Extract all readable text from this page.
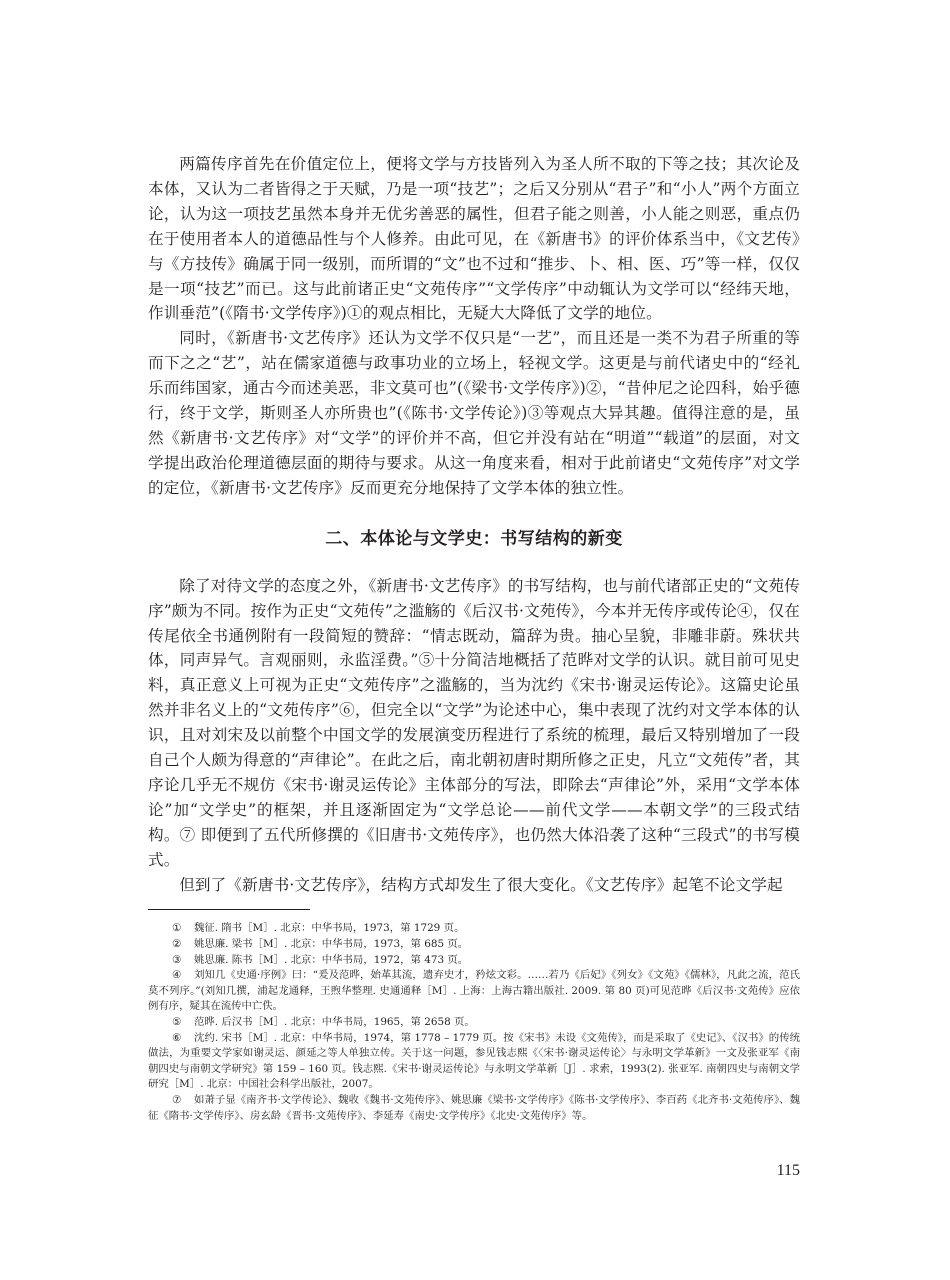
两篇传序首先在价值定位上，便将文学与方技皆列入为圣人所不取的下等之技；其次论及本体，又认为二者皆得之于天赋，乃是一项“技艺”；之后又分别从“君子”和“小人”两个方面立论，认为这一项技艺虽然本身并无优劣善恶的属性，但君子能之则善，小人能之则恶，重点仍在于使用者本人的道德品性与个人修养。由此可见，在《新唐书》的评价体系当中，《文艺传》与《方技传》确属于同一级别，而所谓的“文”也不过和“推步、卜、相、医、巧”等一样，仅仅是一项“技艺”而已。这与此前诸正史“文苑传序”“文学传序”中动辄认为文学可以“经纬天地，作训垂范”(《隋书·文学传序》)①的观点相比，无疑大大降低了文学的地位。

同时，《新唐书·文艺传序》还认为文学不仅只是“一艺”，而且还是一类不为君子所重的等而下之之“艺”，站在儒家道德与政事功业的立场上，轻视文学。这更是与前代诸史中的“经礼乐而纬国家，通古今而述美恶，非文莫可也”(《梁书·文学传序》)②，“昔仲尼之论四科，始乎德行，终于文学，斯则圣人亦所贵也”(《陈书·文学传论》)③等观点大异其趣。值得注意的是，虽然《新唐书·文艺传序》对“文学”的评价并不高，但它并没有站在“明道”“载道”的层面，对文学提出政治伦理道德层面的期待与要求。从这一角度来看，相对于此前诸史“文苑传序”对文学的定位，《新唐书·文艺传序》反而更充分地保持了文学本体的独立性。

二、本体论与文学史：书写结构的新变

除了对待文学的态度之外，《新唐书·文艺传序》的书写结构，也与前代诸部正史的“文苑传序”颇为不同。按作为正史“文苑传”之滥觞的《后汉书·文苑传》，今本并无传序或传论④，仅在传尾依全书通例附有一段简短的赞辞：“情志既动，篇辞为贵。抽心呈貌，非雕非蔚。殊状共体，同声异气。言观丽则，永监淫费。”⑤十分简洁地概括了范晔对文学的认识。就目前可见史料，真正意义上可视为正史“文苑传序”之滥觞的，当为沈约《宋书·谢灵运传论》。这篇史论虽然并非名义上的“文苑传序”⑥，但完全以“文学”为论述中心，集中表现了沈约对文学本体的认识，且对刘宋及以前整个中国文学的发展演变历程进行了系统的梳理，最后又特别增加了一段自己个人颇为得意的“声律论”。在此之后，南北朝初唐时期所修之正史，凡立“文苑传”者，其序论几乎无不规仿《宋书·谢灵运传论》主体部分的写法，即除去“声律论”外，采用“文学本体论”加“文学史”的框架，并且逐渐固定为“文学总论——前代文学——本朝文学”的三段式结构。⑦ 即便到了五代所修撰的《旧唐书·文苑传序》，也仍然大体沿袭了这种“三段式”的书写模式。

但到了《新唐书·文艺传序》，结构方式却发生了很大变化。《文艺传序》起笔不论文学起

① 魏征. 隋书［M］. 北京：中华书局，1973，第 1729 页。
② 姚思廉. 梁书［M］. 北京：中华书局，1973，第 685 页。
③ 姚思廉. 陈书［M］. 北京：中华书局，1972，第 473 页。
④ 刘知几《史通·序例》曰：“爰及范晔，始革其流，遗弃史才，矜炫文彩。……若乃《后妃》《列女》《文苑》《儒林》，凡此之流，范氏莫不列序。”(刘知几撰，浦起龙通释，王煦华整理. 史通通释［M］. 上海：上海古籍出版社. 2009. 第 80 页)可见范晔《后汉书·文苑传》应依例有序，疑其在流传中亡佚。
⑤ 范晔. 后汉书［M］. 北京：中华书局，1965，第 2658 页。
⑥ 沈约. 宋书［M］. 北京：中华书局，1974，第 1778 – 1779 页。按《宋书》未设《文苑传》，而是采取了《史记》、《汉书》的传统做法，为重要文学家如谢灵运、颜延之等人单独立传。关于这一问题，参见钱志熙《〈宋书·谢灵运传论〉与永明文学革新》一文及张亚军《南朝四史与南朝文学研究》第 159 – 160 页。钱志熙.《宋书·谢灵运传论》与永明文学革新［J］. 求索，1993(2). 张亚军. 南朝四史与南朝文学研究［M］. 北京：中国社会科学出版社，2007。
⑦ 如萧子显《南齐书·文学传论》、魏收《魏书·文苑传序》、姚思廉《梁书·文学传序》《陈书·文学传序》、李百药《北齐书·文苑传序》、魏征《隋书·文学传序》、房玄龄《晋书·文苑传序》、李延寿《南史·文学传序》《北史·文苑传序》等。
115
